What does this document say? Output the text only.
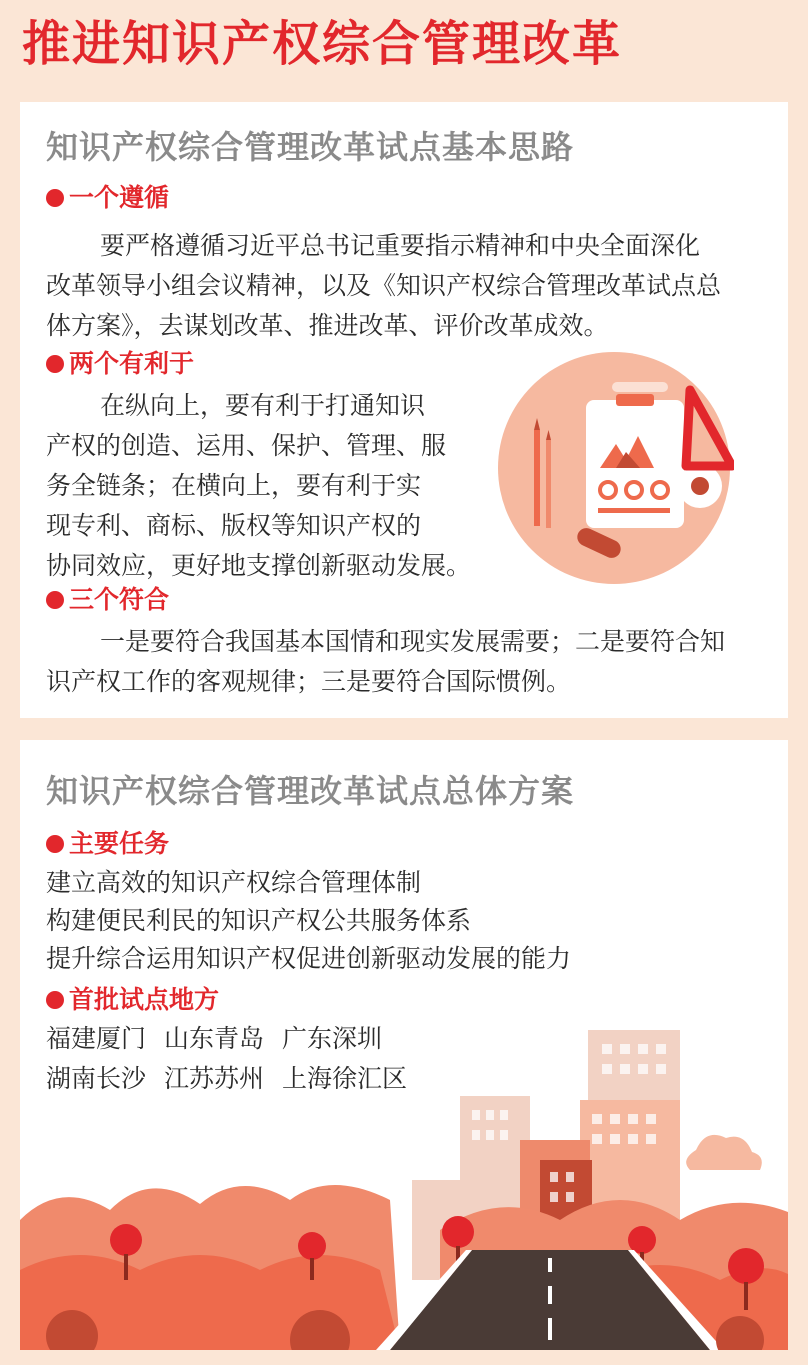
推进知识产权综合管理改革
知识产权综合管理改革试点基本思路
一个遵循
要严格遵循习近平总书记重要指示精神和中央全面深化
改革领导小组会议精神，以及《知识产权综合管理改革试点总
体方案》，去谋划改革、推进改革、评价改革成效。
两个有利于
在纵向上，要有利于打通知识
产权的创造、运用、保护、管理、服
务全链条；在横向上，要有利于实
现专利、商标、版权等知识产权的
协同效应，更好地支撑创新驱动发展。
三个符合
一是要符合我国基本国情和现实发展需要；二是要符合知
识产权工作的客观规律；三是要符合国际惯例。
知识产权综合管理改革试点总体方案
主要任务

建立高效的知识产权综合管理体制

构建便民利民的知识产权公共服务体系

提升综合运用知识产权促进创新驱动发展的能力

首批试点地方
福建厦门 山东青岛 广东深圳
湖南长沙 江苏苏州 上海徐汇区
